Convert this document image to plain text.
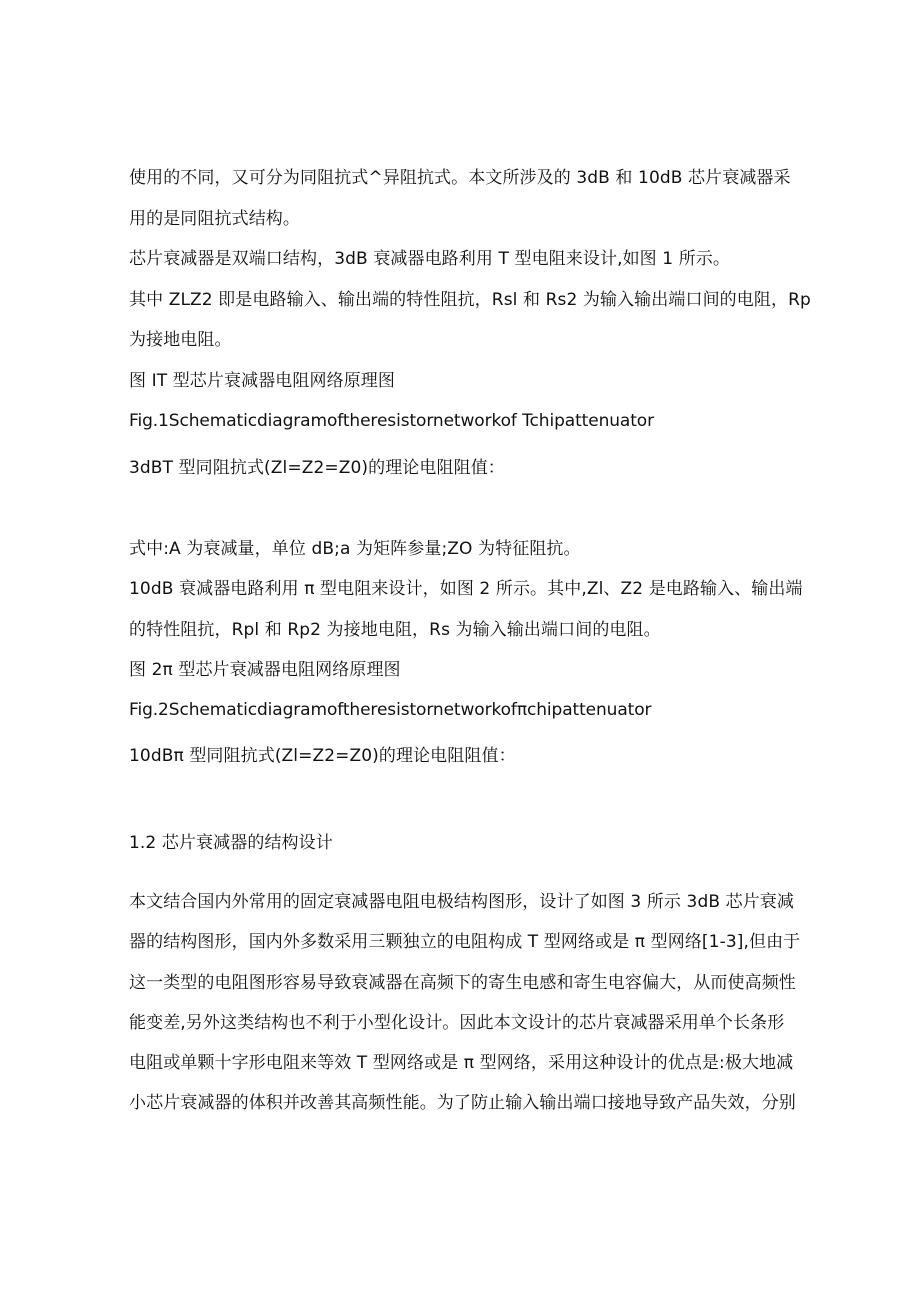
使用的不同，又可分为同阻抗式^异阻抗式。本文所涉及的 3dB 和 10dB 芯片衰减器采
用的是同阻抗式结构。
芯片衰减器是双端口结构，3dB 衰减器电路利用 T 型电阻来设计,如图 1 所示。
其中 ZLZ2 即是电路输入、输出端的特性阻抗，Rsl 和 Rs2 为输入输出端口间的电阻，Rp
为接地电阻。
图 IT 型芯片衰减器电阻网络原理图
Fig.1Schematicdiagramoftheresistornetworkof Tchipattenuator
3dBT 型同阻抗式(Zl=Z2=Z0)的理论电阻阻值：
式中:A 为衰减量，单位 dB;a 为矩阵参量;ZO 为特征阻抗。
10dB 衰减器电路利用 π 型电阻来设计，如图 2 所示。其中,Zl、Z2 是电路输入、输出端
的特性阻抗，Rpl 和 Rp2 为接地电阻，Rs 为输入输出端口间的电阻。
图 2π 型芯片衰减器电阻网络原理图
Fig.2Schematicdiagramoftheresistornetworkofπchipattenuator
10dBπ 型同阻抗式(Zl=Z2=Z0)的理论电阻阻值：
1.2 芯片衰减器的结构设计
本文结合国内外常用的固定衰减器电阻电极结构图形，设计了如图 3 所示 3dB 芯片衰减
器的结构图形，国内外多数采用三颗独立的电阻构成 T 型网络或是 π 型网络[1-3],但由于
这一类型的电阻图形容易导致衰减器在高频下的寄生电感和寄生电容偏大，从而使高频性
能变差,另外这类结构也不利于小型化设计。因此本文设计的芯片衰减器采用单个长条形
电阻或单颗十字形电阻来等效 T 型网络或是 π 型网络，采用这种设计的优点是:极大地减
小芯片衰减器的体积并改善其高频性能。为了防止输入输出端口接地导致产品失效，分别
